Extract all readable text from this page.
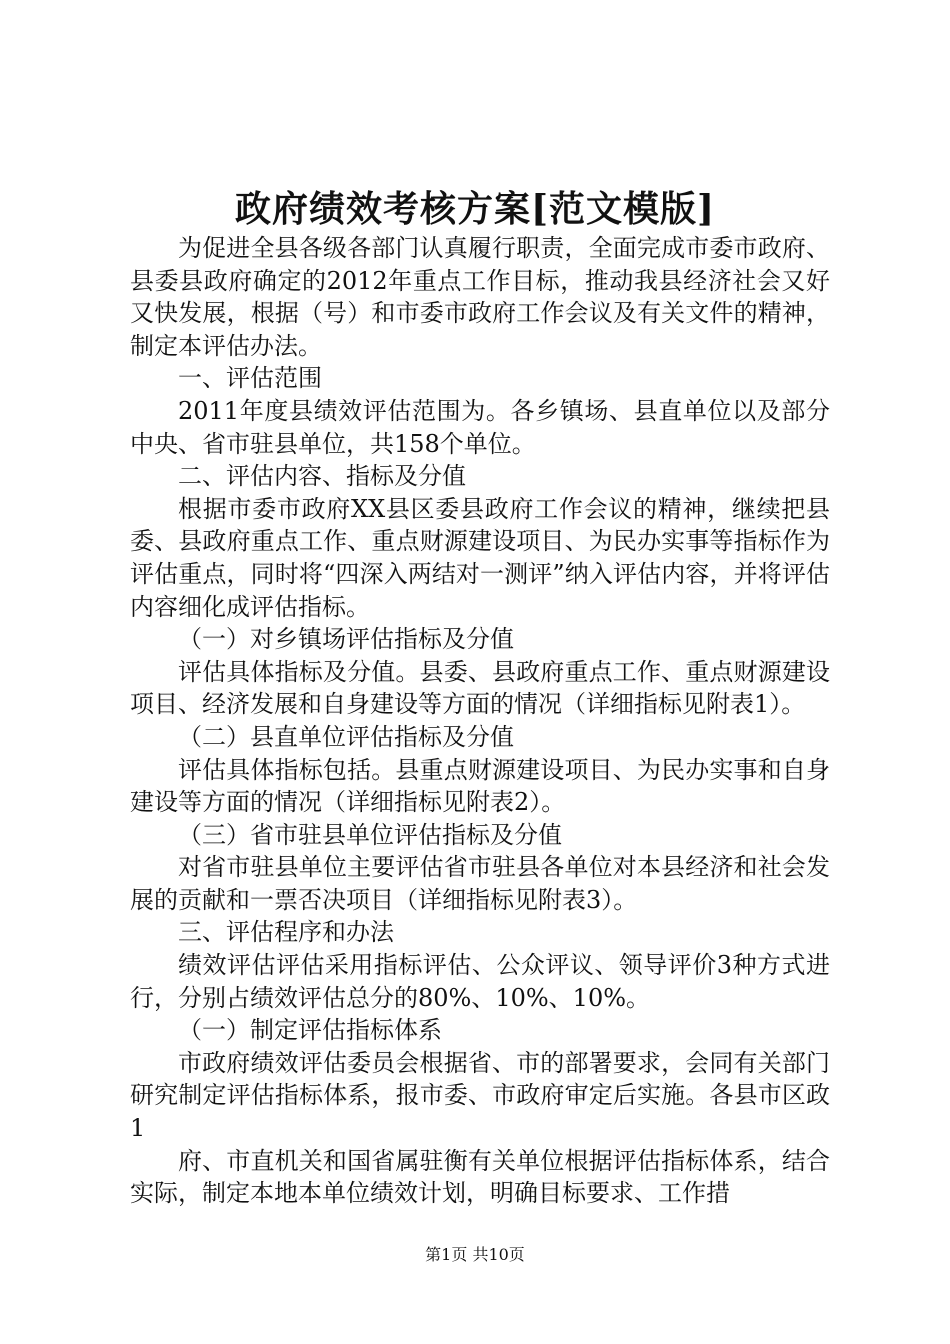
政府绩效考核方案[范文模版]

为促进全县各级各部门认真履行职责，全面完成市委市政府、县委县政府确定的2012年重点工作目标，推动我县经济社会又好又快发展，根据（号）和市委市政府工作会议及有关文件的精神，制定本评估办法。

一、评估范围

2011年度县绩效评估范围为。各乡镇场、县直单位以及部分中央、省市驻县单位，共158个单位。

二、评估内容、指标及分值

根据市委市政府XX县区委县政府工作会议的精神，继续把县委、县政府重点工作、重点财源建设项目、为民办实事等指标作为评估重点，同时将“四深入两结对一测评”纳入评估内容，并将评估内容细化成评估指标。

（一）对乡镇场评估指标及分值

评估具体指标及分值。县委、县政府重点工作、重点财源建设项目、经济发展和自身建设等方面的情况（详细指标见附表1）。

（二）县直单位评估指标及分值

评估具体指标包括。县重点财源建设项目、为民办实事和自身建设等方面的情况（详细指标见附表2）。

（三）省市驻县单位评估指标及分值

对省市驻县单位主要评估省市驻县各单位对本县经济和社会发展的贡献和一票否决项目（详细指标见附表3）。

三、评估程序和办法

绩效评估评估采用指标评估、公众评议、领导评价3种方式进行，分别占绩效评估总分的80%、10%、10%。

（一）制定评估指标体系

市政府绩效评估委员会根据省、市的部署要求，会同有关部门研究制定评估指标体系，报市委、市政府审定后实施。各县市区政1

府、市直机关和国省属驻衡有关单位根据评估指标体系，结合实际，制定本地本单位绩效计划，明确目标要求、工作措

第1页 共10页
